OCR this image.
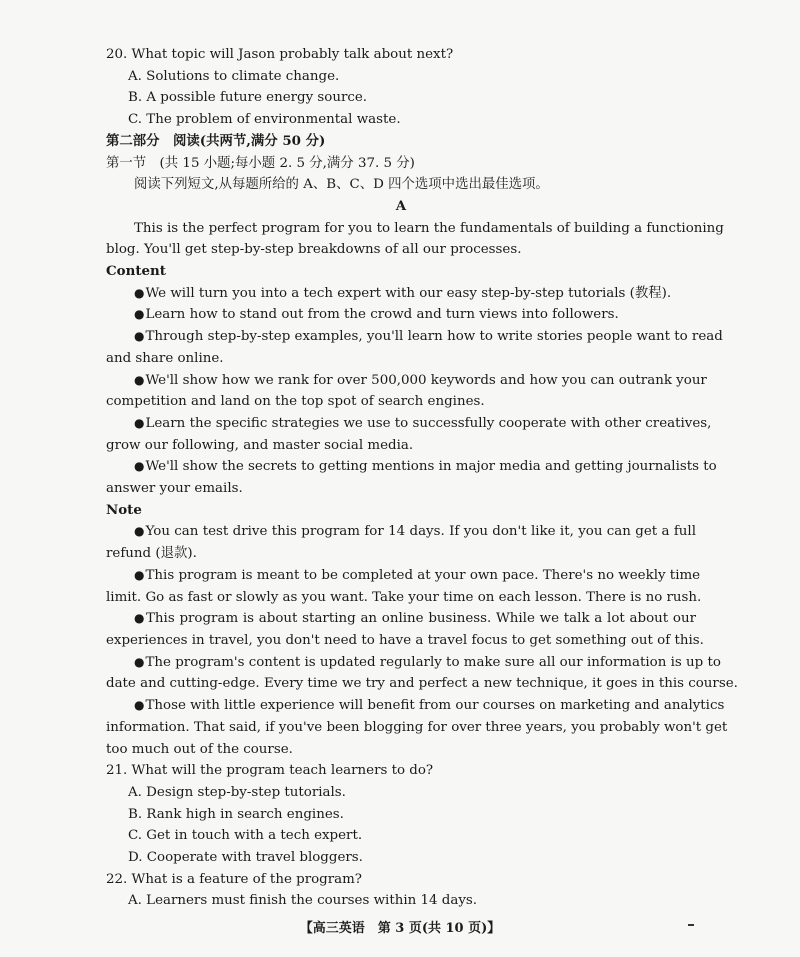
20. What topic will Jason probably talk about next?
A. Solutions to climate change.
B. A possible future energy source.
C. The problem of environmental waste.
第二部分　阅读(共两节,满分 50 分)
第一节　(共 15 小题;每小题 2. 5 分,满分 37. 5 分)
阅读下列短文,从每题所给的 A、B、C、D 四个选项中选出最佳选项。
A
This is the perfect program for you to learn the fundamentals of building a functioning
blog. You'll get step-by-step breakdowns of all our processes.
Content
● We will turn you into a tech expert with our easy step-by-step tutorials (教程).
● Learn how to stand out from the crowd and turn views into followers.
● Through step-by-step examples, you'll learn how to write stories people want to read
and share online.
● We'll show how we rank for over 500,000 keywords and how you can outrank your
competition and land on the top spot of search engines.
● Learn the specific strategies we use to successfully cooperate with other creatives,
grow our following, and master social media.
● We'll show the secrets to getting mentions in major media and getting journalists to
answer your emails.
Note
● You can test drive this program for 14 days. If you don't like it, you can get a full
refund (退款).
● This program is meant to be completed at your own pace. There's no weekly time
limit. Go as fast or slowly as you want. Take your time on each lesson. There is no rush.
● This program is about starting an online business. While we talk a lot about our
experiences in travel, you don't need to have a travel focus to get something out of this.
● The program's content is updated regularly to make sure all our information is up to
date and cutting-edge. Every time we try and perfect a new technique, it goes in this course.
● Those with little experience will benefit from our courses on marketing and analytics
information. That said, if you've been blogging for over three years, you probably won't get
too much out of the course.
21. What will the program teach learners to do?
A. Design step-by-step tutorials.
B. Rank high in search engines.
C. Get in touch with a tech expert.
D. Cooperate with travel bloggers.
22. What is a feature of the program?
A. Learners must finish the courses within 14 days.
【高三英语　第 3 页(共 10 页)】
